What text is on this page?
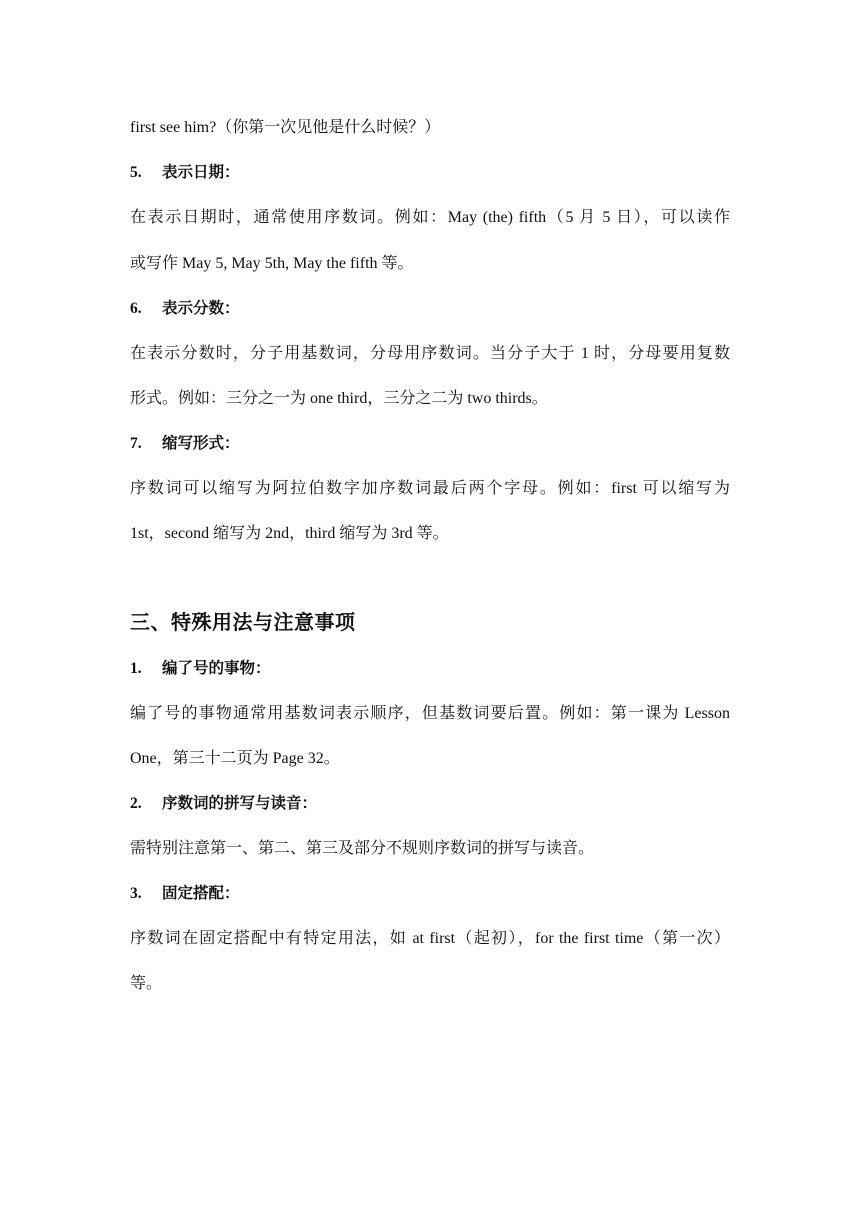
first see him?（你第一次见他是什么时候？）
5. 表示日期：
在表示日期时，通常使用序数词。例如：May (the) fifth（5 月 5 日），可以读作
或写作 May 5, May 5th, May the fifth 等。
6. 表示分数：
在表示分数时，分子用基数词，分母用序数词。当分子大于 1 时，分母要用复数
形式。例如：三分之一为 one third，三分之二为 two thirds。
7. 缩写形式：
序数词可以缩写为阿拉伯数字加序数词最后两个字母。例如：first 可以缩写为
1st，second 缩写为 2nd，third 缩写为 3rd 等。
三、特殊用法与注意事项
1. 编了号的事物：
编了号的事物通常用基数词表示顺序，但基数词要后置。例如：第一课为 Lesson
One，第三十二页为 Page 32。
2. 序数词的拼写与读音：
需特别注意第一、第二、第三及部分不规则序数词的拼写与读音。
3. 固定搭配：
序数词在固定搭配中有特定用法，如 at first（起初），for the first time（第一次）
等。
